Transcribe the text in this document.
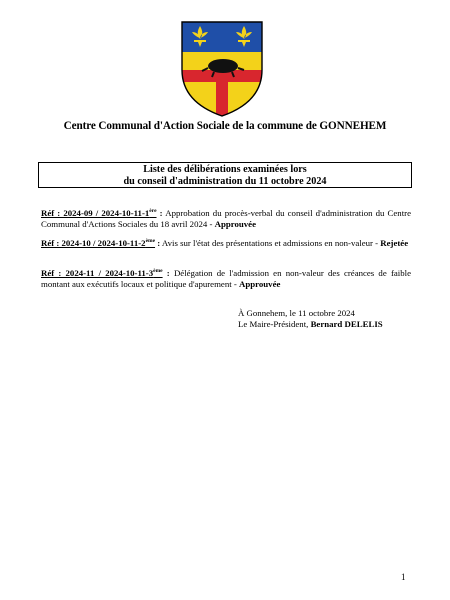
Centre Communal d'Action Sociale de la commune de GONNEHEM
Liste des délibérations examinées lors
du conseil d'administration du 11 octobre 2024
Réf : 2024-09 / 2024-10-11-1ère : Approbation du procès-verbal du conseil d'administration du Centre Communal d'Actions Sociales du 18 avril 2024 - Approuvée
Réf : 2024-10 / 2024-10-11-2ème : Avis sur l'état des présentations et admissions en non-valeur - Rejetée
Réf : 2024-11 / 2024-10-11-3ème : Délégation de l'admission en non-valeur des créances de faible montant aux exécutifs locaux et politique d'apurement - Approuvée
À Gonnehem, le 11 octobre 2024
Le Maire-Président, Bernard DELELIS
1
